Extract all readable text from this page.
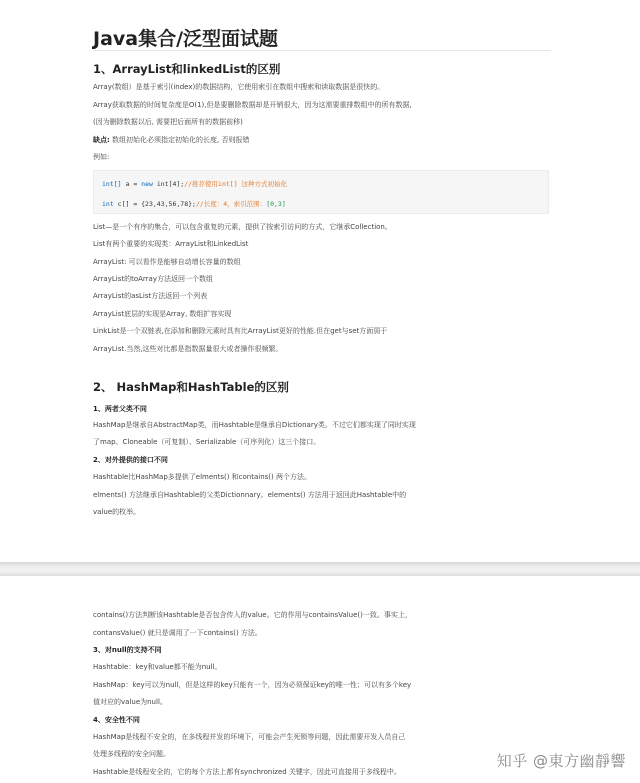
Java集合/泛型面试题
1、ArrayList和linkedList的区别
Array(数组）是基于索引(index)的数据结构，它使用索引在数组中搜索和读取数据是很快的。
Array获取数据的时间复杂度是O(1),但是要删除数据却是开销很大，因为这需要重排数组中的所有数据,
(因为删除数据以后, 需要把后面所有的数据前移)
缺点: 数组初始化必须指定初始化的长度, 否则报错
例如:
int[] a = new int[4];//推荐使用int[] 这种方式初始化
int c[] = {23,43,56,78};//长度：4，索引范围：[0,3]
List—是一个有序的集合，可以包含重复的元素，提供了按索引访问的方式，它继承Collection。
List有两个重要的实现类：ArrayList和LinkedList
ArrayList: 可以看作是能够自动增长容量的数组
ArrayList的toArray方法返回一个数组
ArrayList的asList方法返回一个列表
ArrayList底层的实现是Array, 数组扩容实现
LinkList是一个双链表,在添加和删除元素时具有比ArrayList更好的性能.但在get与set方面弱于
ArrayList.当然,这些对比都是指数据量很大或者操作很频繁。
2、 HashMap和HashTable的区别
1、两者父类不同
HashMap是继承自AbstractMap类，而Hashtable是继承自Dictionary类。不过它们都实现了同时实现
了map、Cloneable（可复制）、Serializable（可序列化）这三个接口。
2、对外提供的接口不同
Hashtable比HashMap多提供了elments() 和contains() 两个方法。
elments() 方法继承自Hashtable的父类Dictionnary。elements() 方法用于返回此Hashtable中的
value的枚举。
contains()方法判断该Hashtable是否包含传入的value。它的作用与containsValue()一致。事实上，
contansValue() 就只是调用了一下contains() 方法。
3、对null的支持不同
Hashtable：key和value都不能为null。
HashMap：key可以为null，但是这样的key只能有一个，因为必须保证key的唯一性；可以有多个key
值对应的value为null。
4、安全性不同
HashMap是线程不安全的，在多线程并发的环境下，可能会产生死锁等问题，因此需要开发人员自己
处理多线程的安全问题。
Hashtable是线程安全的，它的每个方法上都有synchronized 关键字，因此可直接用于多线程中。
知乎 @東方幽靜響
